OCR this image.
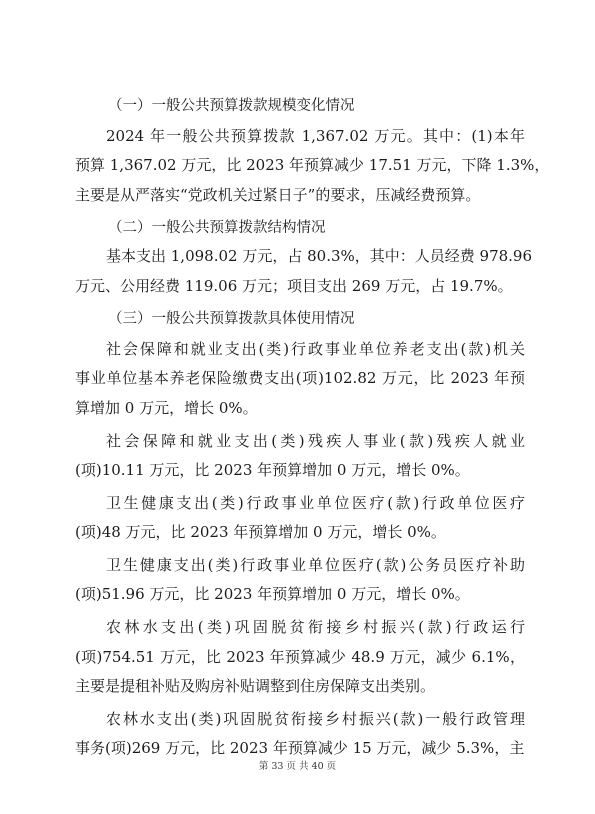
（一）一般公共预算拨款规模变化情况
2024 年一般公共预算拨款 1,367.02 万元。其中：(1)本年
预算 1,367.02 万元，比 2023 年预算减少 17.51 万元，下降 1.3%，
主要是从严落实“党政机关过紧日子”的要求，压减经费预算。
（二）一般公共预算拨款结构情况
基本支出 1,098.02 万元，占 80.3%，其中：人员经费 978.96
万元、公用经费 119.06 万元；项目支出 269 万元，占 19.7%。
（三）一般公共预算拨款具体使用情况
社会保障和就业支出(类)行政事业单位养老支出(款)机关
事业单位基本养老保险缴费支出(项)102.82 万元，比 2023 年预
算增加 0 万元，增长 0%。
社会保障和就业支出(类)残疾人事业(款)残疾人就业
(项)10.11 万元，比 2023 年预算增加 0 万元，增长 0%。
卫生健康支出(类)行政事业单位医疗(款)行政单位医疗
(项)48 万元，比 2023 年预算增加 0 万元，增长 0%。
卫生健康支出(类)行政事业单位医疗(款)公务员医疗补助
(项)51.96 万元，比 2023 年预算增加 0 万元，增长 0%。
农林水支出(类)巩固脱贫衔接乡村振兴(款)行政运行
(项)754.51 万元，比 2023 年预算减少 48.9 万元，减少 6.1%，
主要是提租补贴及购房补贴调整到住房保障支出类别。
农林水支出(类)巩固脱贫衔接乡村振兴(款)一般行政管理
事务(项)269 万元，比 2023 年预算减少 15 万元，减少 5.3%，主
第 33 页 共 40 页
